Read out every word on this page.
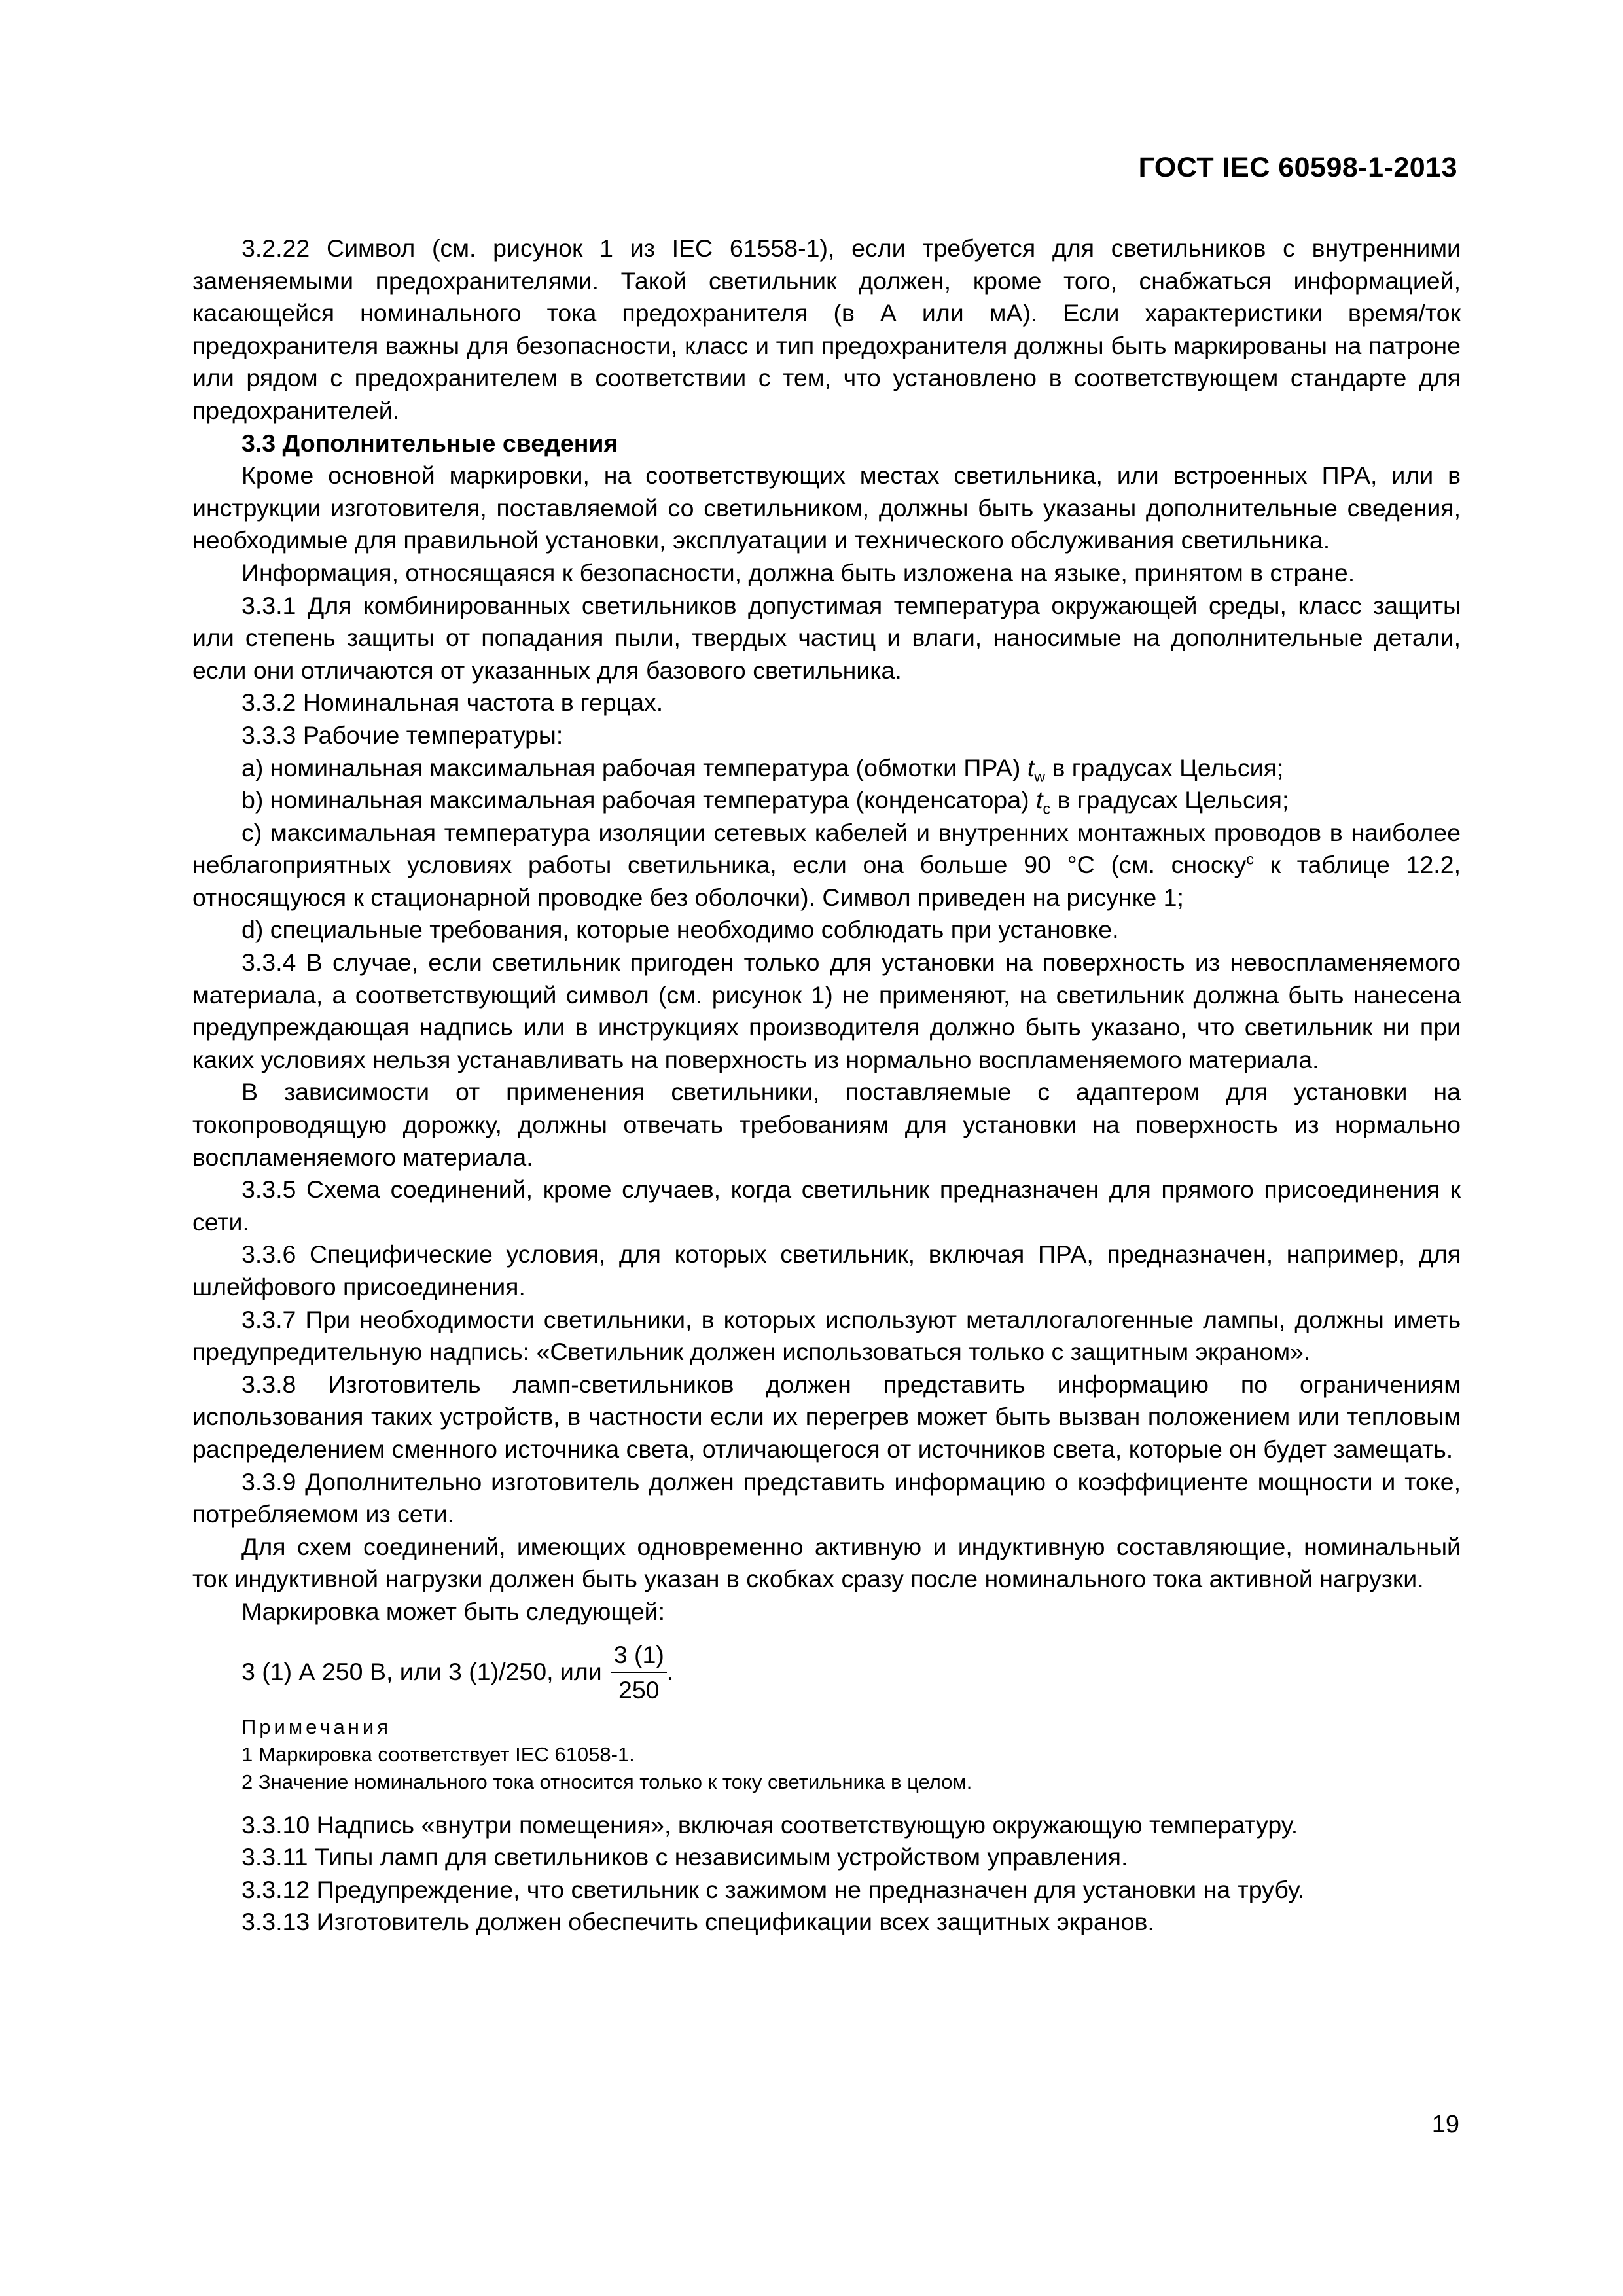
ГОСТ IEC 60598-1-2013

3.2.22 Символ (см. рисунок 1 из IEC 61558-1), если требуется для светильников с внутренними заменяемыми предохранителями. Такой светильник должен, кроме того, снабжаться информацией, касающейся номинального тока предохранителя (в А или мА). Если характеристики время/ток предохранителя важны для безопасности, класс и тип предохранителя должны быть маркированы на патроне или рядом с предохранителем в соответствии с тем, что установлено в соответствующем стандарте для предохранителей.

3.3 Дополнительные сведения

Кроме основной маркировки, на соответствующих местах светильника, или встроенных ПРА, или в инструкции изготовителя, поставляемой со светильником, должны быть указаны дополнительные сведения, необходимые для правильной установки, эксплуатации и технического обслуживания светильника.

Информация, относящаяся к безопасности, должна быть изложена на языке, принятом в стране.

3.3.1 Для комбинированных светильников допустимая температура окружающей среды, класс защиты или степень защиты от попадания пыли, твердых частиц и влаги, наносимые на дополнительные детали, если они отличаются от указанных для базового светильника.

3.3.2 Номинальная частота в герцах.

3.3.3 Рабочие температуры:

a) номинальная максимальная рабочая температура (обмотки ПРА) $t_w$ в градусах Цельсия;

b) номинальная максимальная рабочая температура (конденсатора) $t_c$ в градусах Цельсия;

c) максимальная температура изоляции сетевых кабелей и внутренних монтажных проводов в наиболее неблагоприятных условиях работы светильника, если она больше 90 °С (см. сноску$^c$ к таблице 12.2, относящуюся к стационарной проводке без оболочки). Символ приведен на рисунке 1;

d) специальные требования, которые необходимо соблюдать при установке.

3.3.4 В случае, если светильник пригоден только для установки на поверхность из невоспламеняемого материала, а соответствующий символ (см. рисунок 1) не применяют, на светильник должна быть нанесена предупреждающая надпись или в инструкциях производителя должно быть указано, что светильник ни при каких условиях нельзя устанавливать на поверхность из нормально воспламеняемого материала.

В зависимости от применения светильники, поставляемые с адаптером для установки на токопроводящую дорожку, должны отвечать требованиям для установки на поверхность из нормально воспламеняемого материала.

3.3.5 Схема соединений, кроме случаев, когда светильник предназначен для прямого присоединения к сети.

3.3.6 Специфические условия, для которых светильник, включая ПРА, предназначен, например, для шлейфового присоединения.

3.3.7 При необходимости светильники, в которых используют металлогалогенные лампы, должны иметь предупредительную надпись: «Светильник должен использоваться только с защитным экраном».

3.3.8 Изготовитель ламп-светильников должен представить информацию по ограничениям использования таких устройств, в частности если их перегрев может быть вызван положением или тепловым распределением сменного источника света, отличающегося от источников света, которые он будет замещать.

3.3.9 Дополнительно изготовитель должен представить информацию о коэффициенте мощности и токе, потребляемом из сети.

Для схем соединений, имеющих одновременно активную и индуктивную составляющие, номинальный ток индуктивной нагрузки должен быть указан в скобках сразу после номинального тока активной нагрузки.

Маркировка может быть следующей:

3 (1) А 250 В, или 3 (1)/250, или $\frac{3 (1)}{250}$ .
Примечания
1 Маркировка соответствует IEC 61058-1.
2 Значение номинального тока относится только к току светильника в целом.

3.3.10 Надпись «внутри помещения», включая соответствующую окружающую температуру.

3.3.11 Типы ламп для светильников с независимым устройством управления.

3.3.12 Предупреждение, что светильник с зажимом не предназначен для установки на трубу.

3.3.13 Изготовитель должен обеспечить спецификации всех защитных экранов.

19
